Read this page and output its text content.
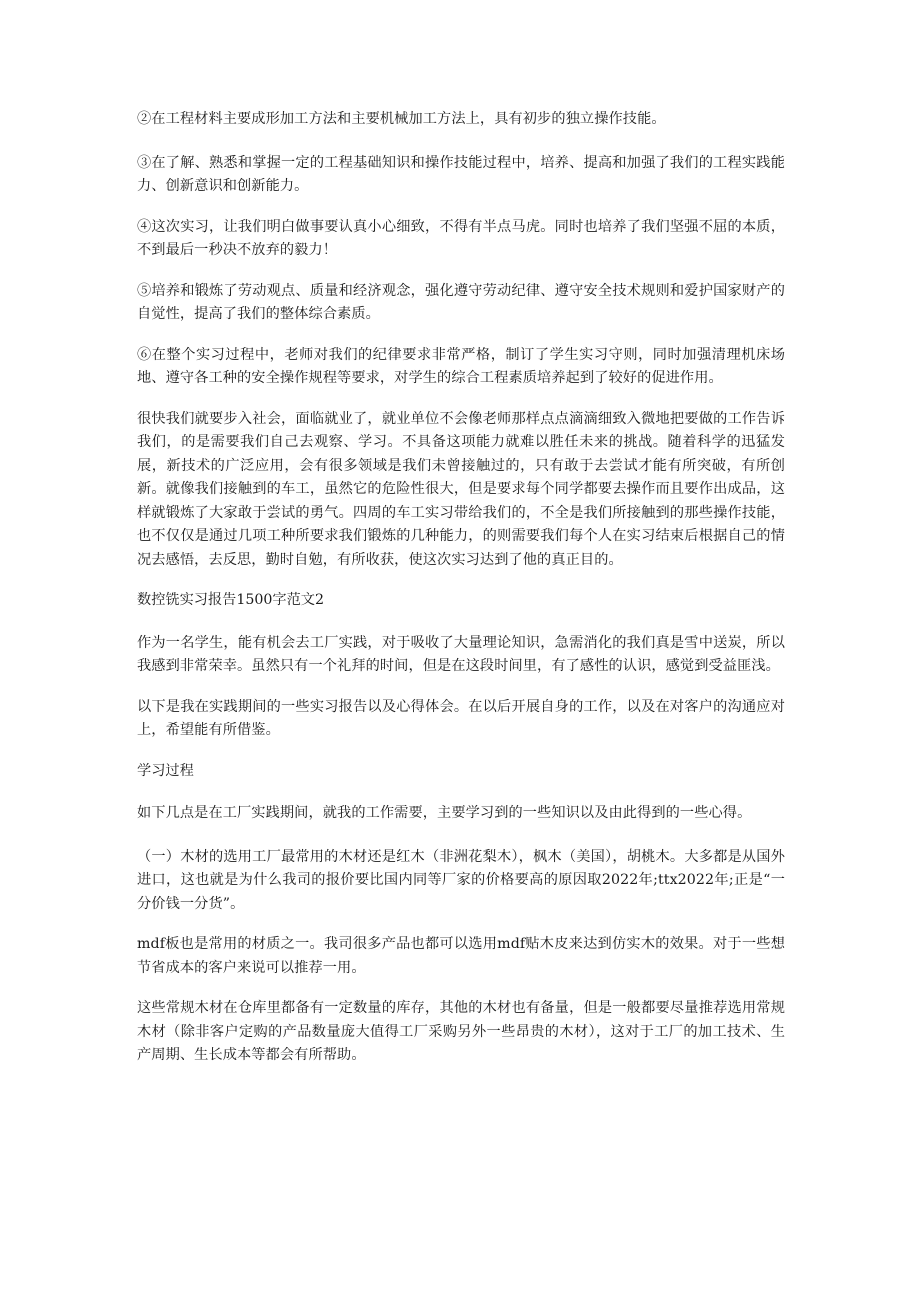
②在工程材料主要成形加工方法和主要机械加工方法上，具有初步的独立操作技能。

③在了解、熟悉和掌握一定的工程基础知识和操作技能过程中，培养、提高和加强了我们的工程实践能力、创新意识和创新能力。

④这次实习，让我们明白做事要认真小心细致，不得有半点马虎。同时也培养了我们坚强不屈的本质，不到最后一秒决不放弃的毅力！

⑤培养和锻炼了劳动观点、质量和经济观念，强化遵守劳动纪律、遵守安全技术规则和爱护国家财产的自觉性，提高了我们的整体综合素质。

⑥在整个实习过程中，老师对我们的纪律要求非常严格，制订了学生实习守则，同时加强清理机床场地、遵守各工种的安全操作规程等要求，对学生的综合工程素质培养起到了较好的促进作用。

很快我们就要步入社会，面临就业了，就业单位不会像老师那样点点滴滴细致入微地把要做的工作告诉我们，的是需要我们自己去观察、学习。不具备这项能力就难以胜任未来的挑战。随着科学的迅猛发展，新技术的广泛应用，会有很多领域是我们未曾接触过的，只有敢于去尝试才能有所突破，有所创新。就像我们接触到的车工，虽然它的危险性很大，但是要求每个同学都要去操作而且要作出成品，这样就锻炼了大家敢于尝试的勇气。四周的车工实习带给我们的，不全是我们所接触到的那些操作技能，也不仅仅是通过几项工种所要求我们锻炼的几种能力，的则需要我们每个人在实习结束后根据自己的情况去感悟，去反思，勤时自勉，有所收获，使这次实习达到了他的真正目的。

数控铣实习报告1500字范文2

作为一名学生，能有机会去工厂实践，对于吸收了大量理论知识，急需消化的我们真是雪中送炭，所以我感到非常荣幸。虽然只有一个礼拜的时间，但是在这段时间里，有了感性的认识，感觉到受益匪浅。

以下是我在实践期间的一些实习报告以及心得体会。在以后开展自身的工作，以及在对客户的沟通应对上，希望能有所借鉴。

学习过程

如下几点是在工厂实践期间，就我的工作需要，主要学习到的一些知识以及由此得到的一些心得。

（一）木材的选用工厂最常用的木材还是红木（非洲花梨木），枫木（美国），胡桃木。大多都是从国外进口，这也就是为什么我司的报价要比国内同等厂家的价格要高的原因取2022年;ttx2022年;正是“一分价钱一分货”。

mdf板也是常用的材质之一。我司很多产品也都可以选用mdf贴木皮来达到仿实木的效果。对于一些想节省成本的客户来说可以推荐一用。

这些常规木材在仓库里都备有一定数量的库存，其他的木材也有备量，但是一般都要尽量推荐选用常规木材（除非客户定购的产品数量庞大值得工厂采购另外一些昂贵的木材），这对于工厂的加工技术、生产周期、生长成本等都会有所帮助。
